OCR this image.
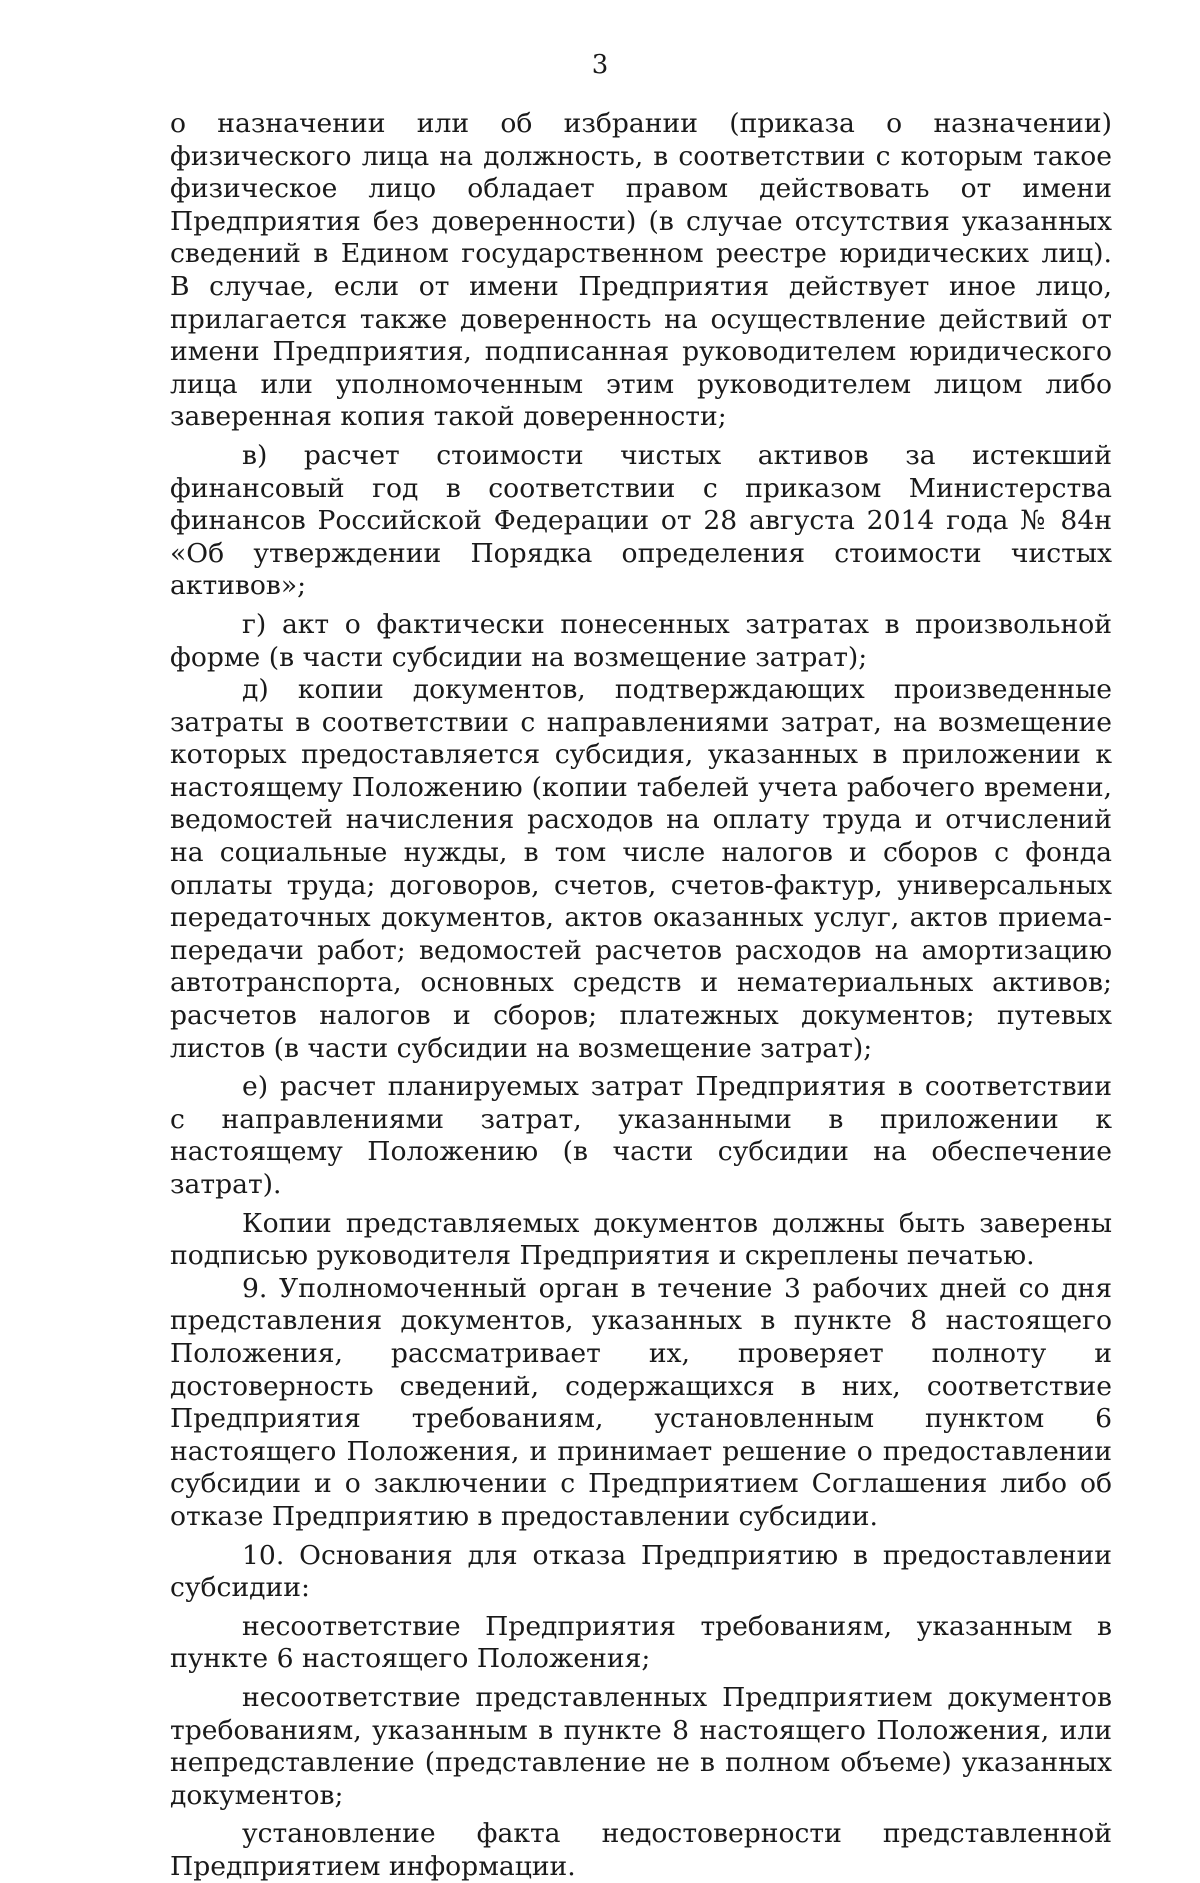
3

о назначении или об избрании (приказа о назначении) физического лица на должность, в соответствии с которым такое физическое лицо обладает правом действовать от имени Предприятия без доверенности) (в случае отсутствия указанных сведений в Едином государственном реестре юридических лиц). В случае, если от имени Предприятия действует иное лицо, прилагается также доверенность на осуществление действий от имени Предприятия, подписанная руководителем юридического лица или уполномоченным этим руководителем лицом либо заверенная копия такой доверенности;

в) расчет стоимости чистых активов за истекший финансовый год в соответствии с приказом Министерства финансов Российской Федерации от 28 августа 2014 года № 84н «Об утверждении Порядка определения стоимости чистых активов»;

г) акт о фактически понесенных затратах в произвольной форме (в части субсидии на возмещение затрат);

д) копии документов, подтверждающих произведенные затраты в соответствии с направлениями затрат, на возмещение которых предоставляется субсидия, указанных в приложении к настоящему Положению (копии табелей учета рабочего времени, ведомостей начисления расходов на оплату труда и отчислений на социальные нужды, в том числе налогов и сборов с фонда оплаты труда; договоров, счетов, счетов-фактур, универсальных передаточных документов, актов оказанных услуг, актов приема-передачи работ; ведомостей расчетов расходов на амортизацию автотранспорта, основных средств и нематериальных активов; расчетов налогов и сборов; платежных документов; путевых листов (в части субсидии на возмещение затрат);

е) расчет планируемых затрат Предприятия в соответствии с направлениями затрат, указанными в приложении к настоящему Положению (в части субсидии на обеспечение затрат).

Копии представляемых документов должны быть заверены подписью руководителя Предприятия и скреплены печатью.

9. Уполномоченный орган в течение 3 рабочих дней со дня представления документов, указанных в пункте 8 настоящего Положения, рассматривает их, проверяет полноту и достоверность сведений, содержащихся в них, соответствие Предприятия требованиям, установленным пунктом 6 настоящего Положения, и принимает решение о предоставлении субсидии и о заключении с Предприятием Соглашения либо об отказе Предприятию в предоставлении субсидии.

10. Основания для отказа Предприятию в предоставлении субсидии:

несоответствие Предприятия требованиям, указанным в пункте 6 настоящего Положения;

несоответствие представленных Предприятием документов требованиям, указанным в пункте 8 настоящего Положения, или непредставление (представление не в полном объеме) указанных документов;

установление факта недостоверности представленной Предприятием информации.
